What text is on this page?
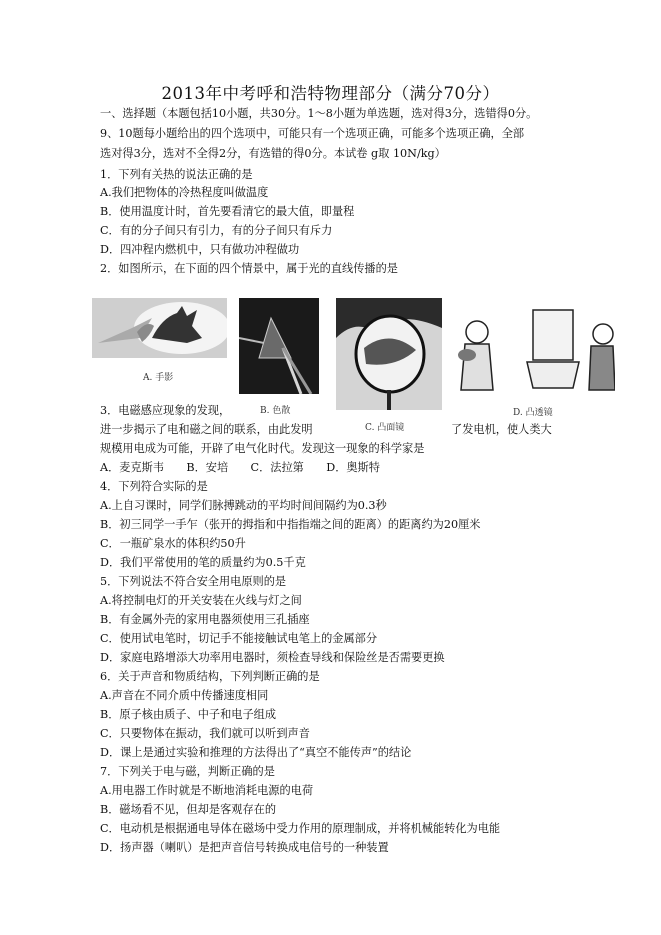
2013年中考呼和浩特物理部分（满分70分）
一、选择题（本题包括10小题，共30分。1～8小题为单选题，选对得3分，选错得0分。
9、10题每小题给出的四个选项中，可能只有一个选项正确，可能多个选项正确，全部
选对得3分，选对不全得2分，有选错的得0分。本试卷 g取 10N/kg）
1．下列有关热的说法正确的是
A.我们把物体的冷热程度叫做温度
B．使用温度计时，首先要看清它的最大值，即量程
C．有的分子间只有引力，有的分子间只有斥力
D．四冲程内燃机中，只有做功冲程做功
2．如图所示，在下面的四个情景中，属于光的直线传播的是
A. 手影
B. 色散
C. 凸面镜
D. 凸透镜
3．电磁感应现象的发现，
进一步揭示了电和磁之间的联系，由此发明	了发电机，使人类大
规模用电成为可能，开辟了电气化时代。发现这一现象的科学家是
A．麦克斯韦　　B．安培　　C．法拉第　　D．奥斯特
4．下列符合实际的是
A.上自习课时，同学们脉搏跳动的平均时间间隔约为0.3秒
B．初三同学一手乍（张开的拇指和中指指端之间的距离）的距离约为20厘米
C．一瓶矿泉水的体积约50升
D．我们平常使用的笔的质量约为0.5千克
5．下列说法不符合安全用电原则的是
A.将控制电灯的开关安装在火线与灯之间
B．有金属外壳的家用电器须使用三孔插座
C．使用试电笔时，切记手不能接触试电笔上的金属部分
D．家庭电路增添大功率用电器时，须检查导线和保险丝是否需要更换
6．关于声音和物质结构，下列判断正确的是
A.声音在不同介质中传播速度相同
B．原子核由质子、中子和电子组成
C．只要物体在振动，我们就可以听到声音
D．课上是通过实验和推理的方法得出了“真空不能传声”的结论
7．下列关于电与磁，判断正确的是
A.用电器工作时就是不断地消耗电源的电荷
B．磁场看不见，但却是客观存在的
C．电动机是根据通电导体在磁场中受力作用的原理制成，并将机械能转化为电能
D．扬声器（喇叭）是把声音信号转换成电信号的一种装置
